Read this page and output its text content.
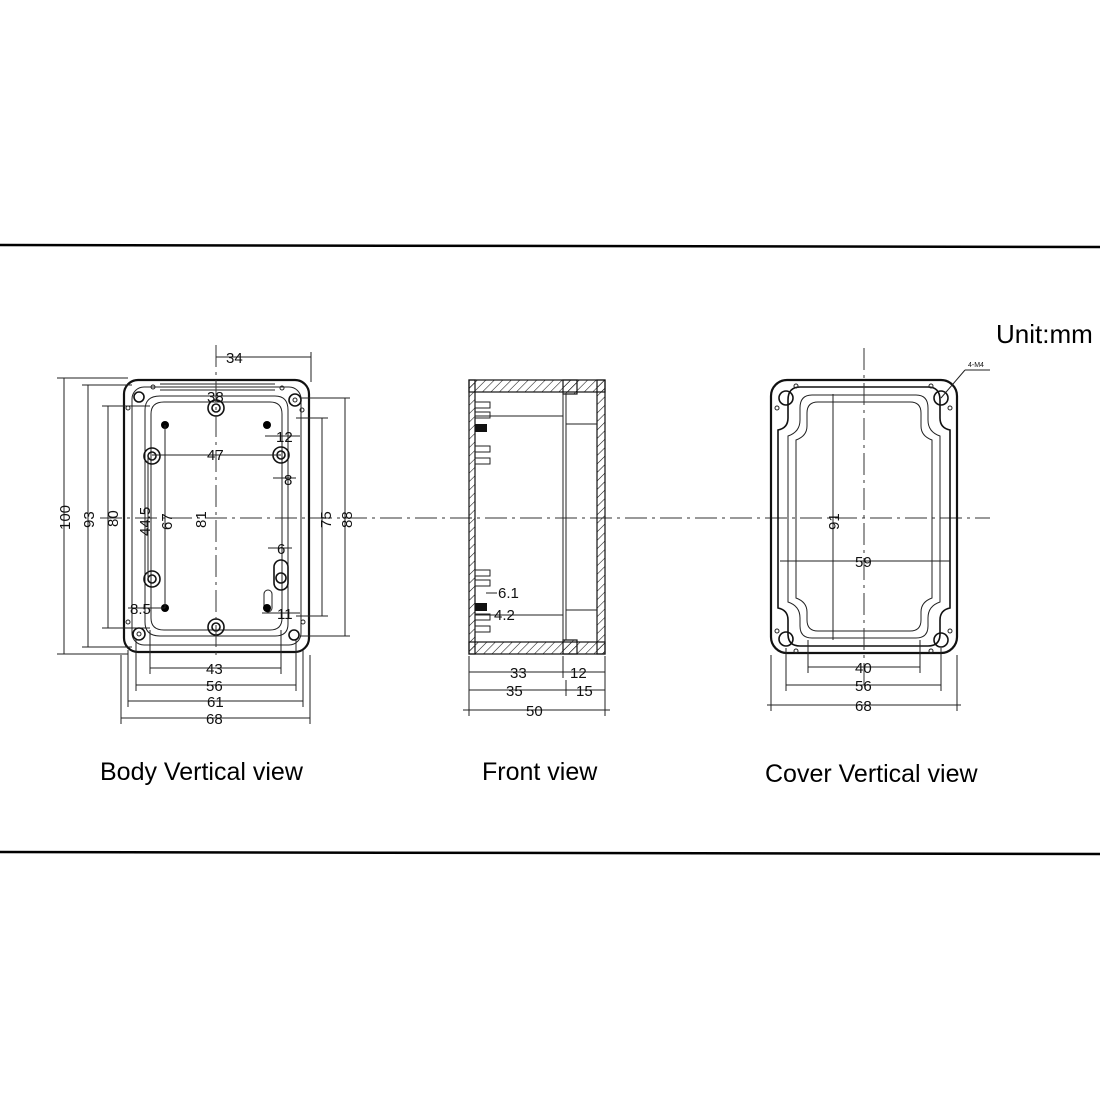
Unit:mm
34
38
12
8
6
11
47
8.5
100 93 80 44.5 67 81	75 88
43
56
61
68
Body Vertical view
6.1
4.2
33	12
35	15
50
Front view
4-M4
91
59
40
56
68
Cover Vertical view
